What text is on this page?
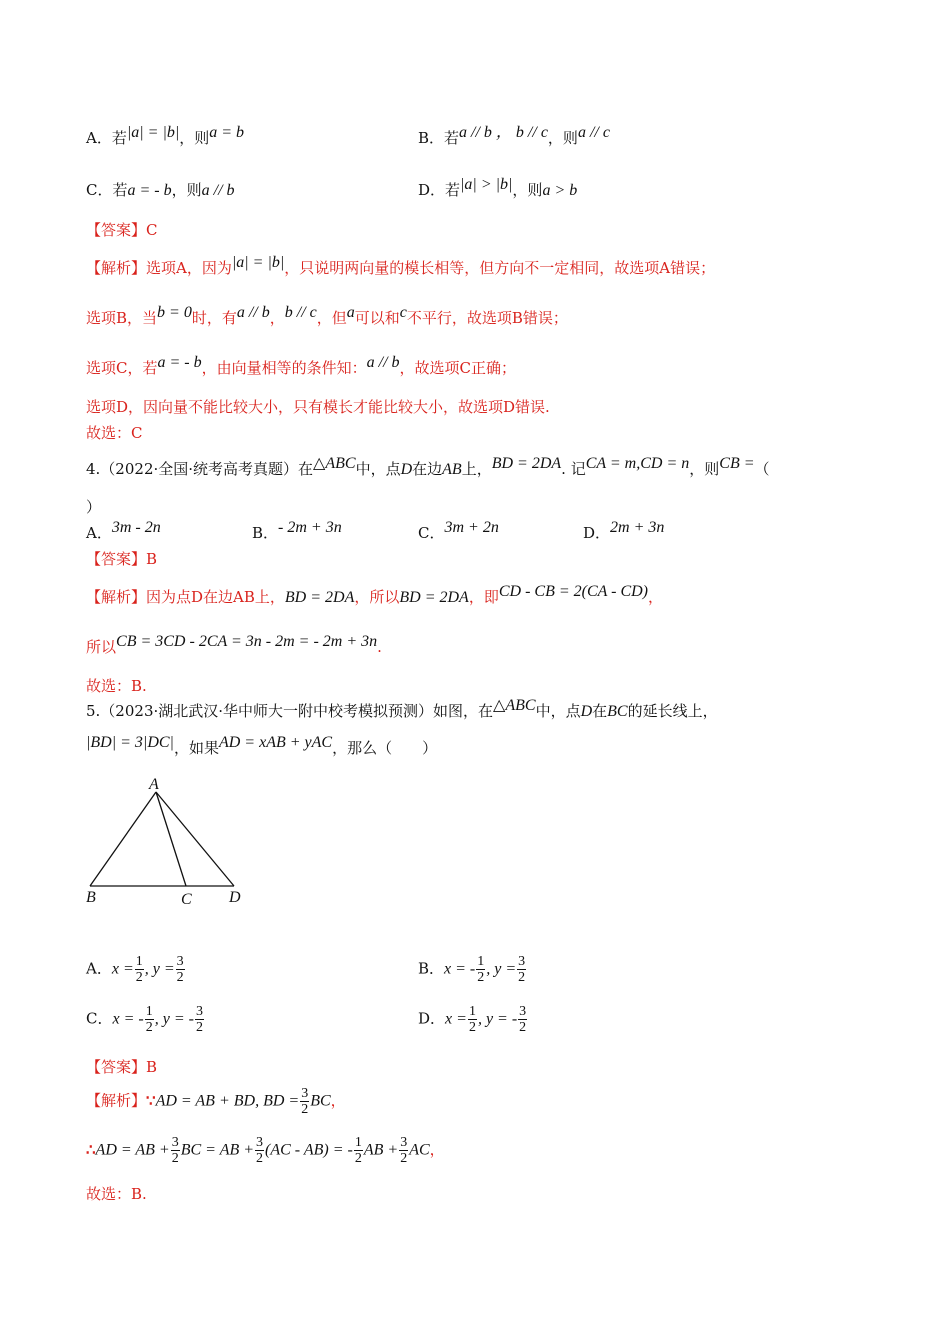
A．若|a| = |b|，则a = b	B．若a // b ， b // c，则a // c
C．若a = - b，则a // b	D．若|a| > |b|，则a > b
【答案】C
【解析】选项A，因为|a| = |b|，只说明两向量的模长相等，但方向不一定相同，故选项A错误；
选项B，当b = 0时，有a // b，b // c，但a可以和c不平行，故选项B错误；
选项C，若a = - b，由向量相等的条件知：a // b，故选项C正确；
选项D，因向量不能比较大小，只有模长才能比较大小，故选项D错误.
故选：C
4.（2022·全国·统考高考真题）在△ABC中，点D在边AB上，BD = 2DA. 记CA = m,CD = n，则CB =（
）
A．3m - 2n	B．- 2m + 3n	C．3m + 2n	D．2m + 3n
【答案】B
【解析】因为点D在边AB上，BD = 2DA，所以BD = 2DA，即CD - CB = 2(CA - CD)，
所以CB = 3CD - 2CA = 3n - 2m = - 2m + 3n.
故选：B.
5.（2023·湖北武汉·华中师大一附中校考模拟预测）如图，在△ABC中，点D在BC的延长线上，
|BD| = 3|DC|，如果AD = xAB + yAC，那么（　　）
A
B	C D
A．$x = \frac{1}{2}$ , $y = \frac{3}{2}$	B．x = - $\frac{1}{2}$ , $y = \frac{3}{2}$
C．x = - $\frac{1}{2}$ , y = - $\frac{3}{2}$	D．$x = \frac{1}{2}$ , y = - $\frac{3}{2}$
【答案】B
【解析】∵AD = AB + BD, BD = $\frac{3}{2}$ BC，
∴AD = AB + $\frac{3}{2}$ BC = AB + $\frac{3}{2} (AC - AB)$ = - $\frac{1}{2}$ AB + $\frac{3}{2}$ AC，
故选：B.
